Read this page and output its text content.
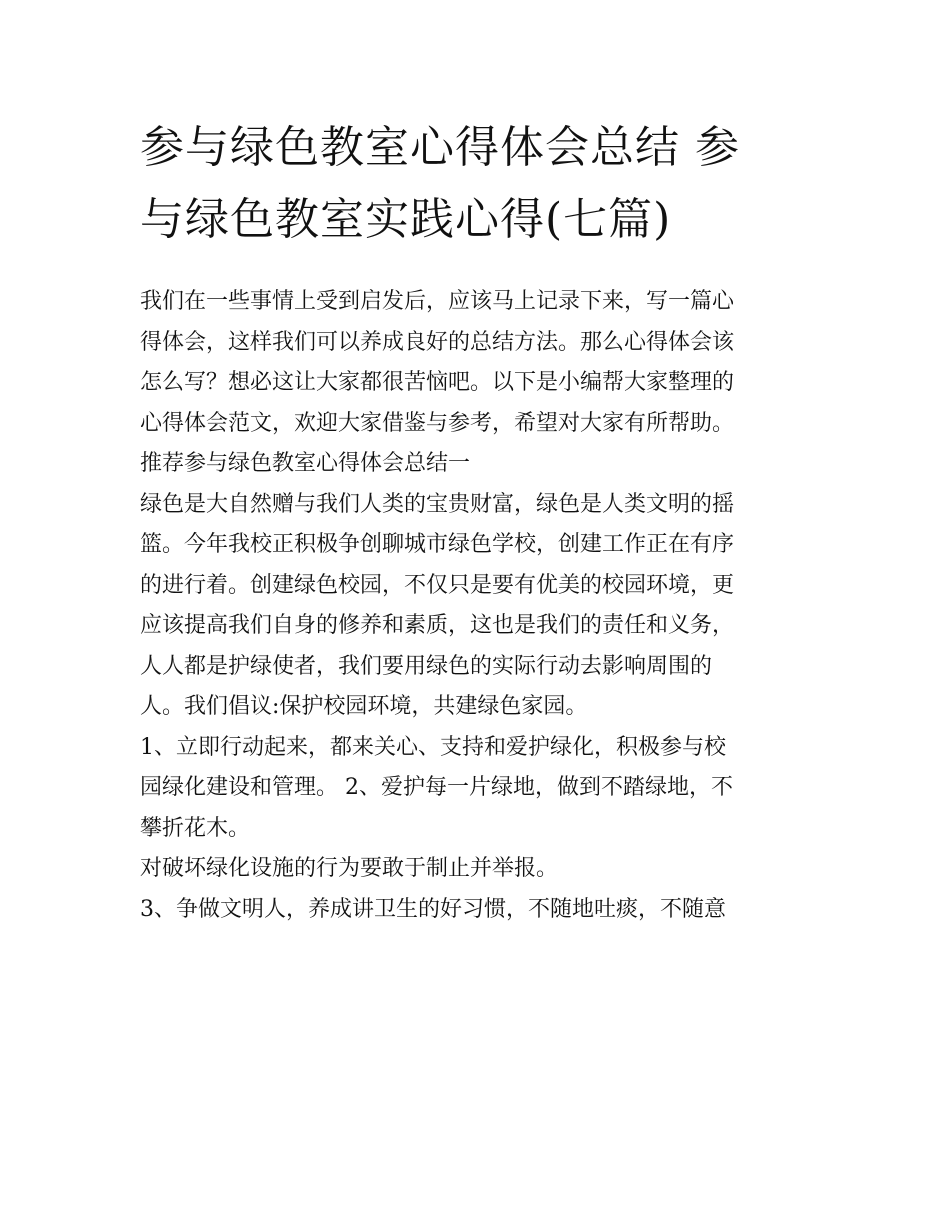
参与绿色教室心得体会总结 参
与绿色教室实践心得(七篇)
我们在一些事情上受到启发后，应该马上记录下来，写一篇心
得体会，这样我们可以养成良好的总结方法。那么心得体会该
怎么写？想必这让大家都很苦恼吧。以下是小编帮大家整理的
心得体会范文，欢迎大家借鉴与参考，希望对大家有所帮助。
推荐参与绿色教室心得体会总结一
绿色是大自然赠与我们人类的宝贵财富，绿色是人类文明的摇
篮。今年我校正积极争创聊城市绿色学校，创建工作正在有序
的进行着。创建绿色校园，不仅只是要有优美的校园环境，更
应该提高我们自身的修养和素质，这也是我们的责任和义务，
人人都是护绿使者，我们要用绿色的实际行动去影响周围的
人。我们倡议:保护校园环境，共建绿色家园。
1、立即行动起来，都来关心、支持和爱护绿化，积极参与校
园绿化建设和管理。 2、爱护每一片绿地，做到不踏绿地，不
攀折花木。
对破坏绿化设施的行为要敢于制止并举报。
3、争做文明人，养成讲卫生的好习惯，不随地吐痰，不随意
